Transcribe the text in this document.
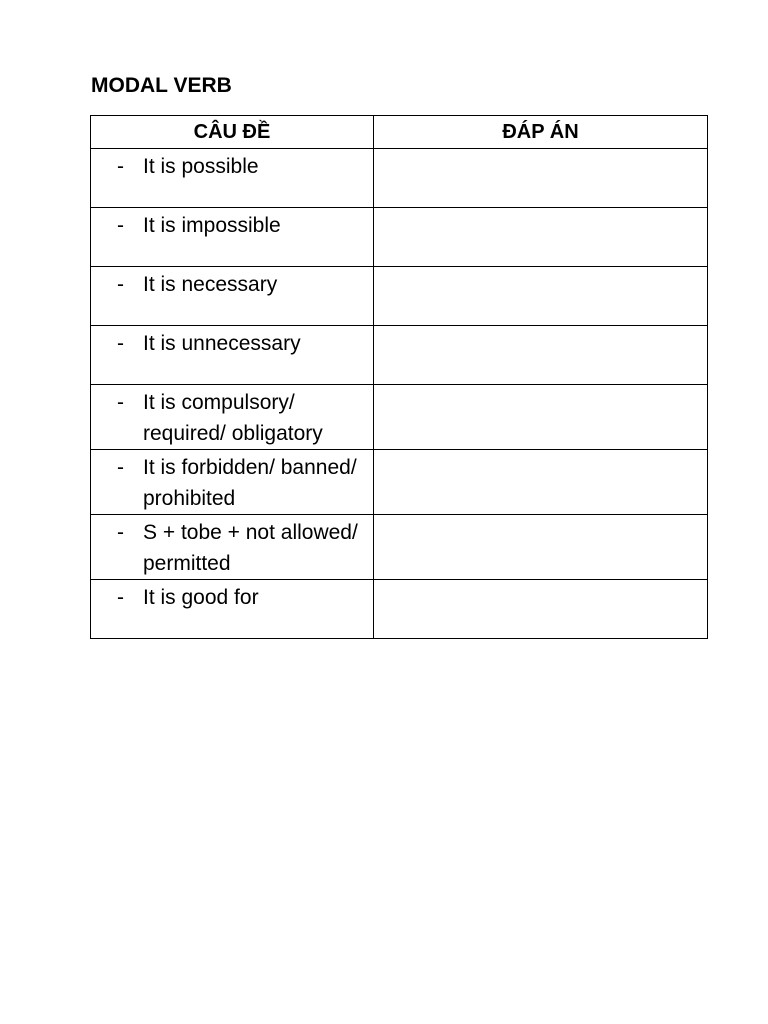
MODAL VERB
CÂU ĐỀ	ĐÁP ÁN

- It is possible	

- It is impossible	

- It is necessary	

- It is unnecessary	

- It is compulsory/ required/ obligatory	

- It is forbidden/ banned/ prohibited	

- S + tobe + not allowed/ permitted	

- It is good for	
